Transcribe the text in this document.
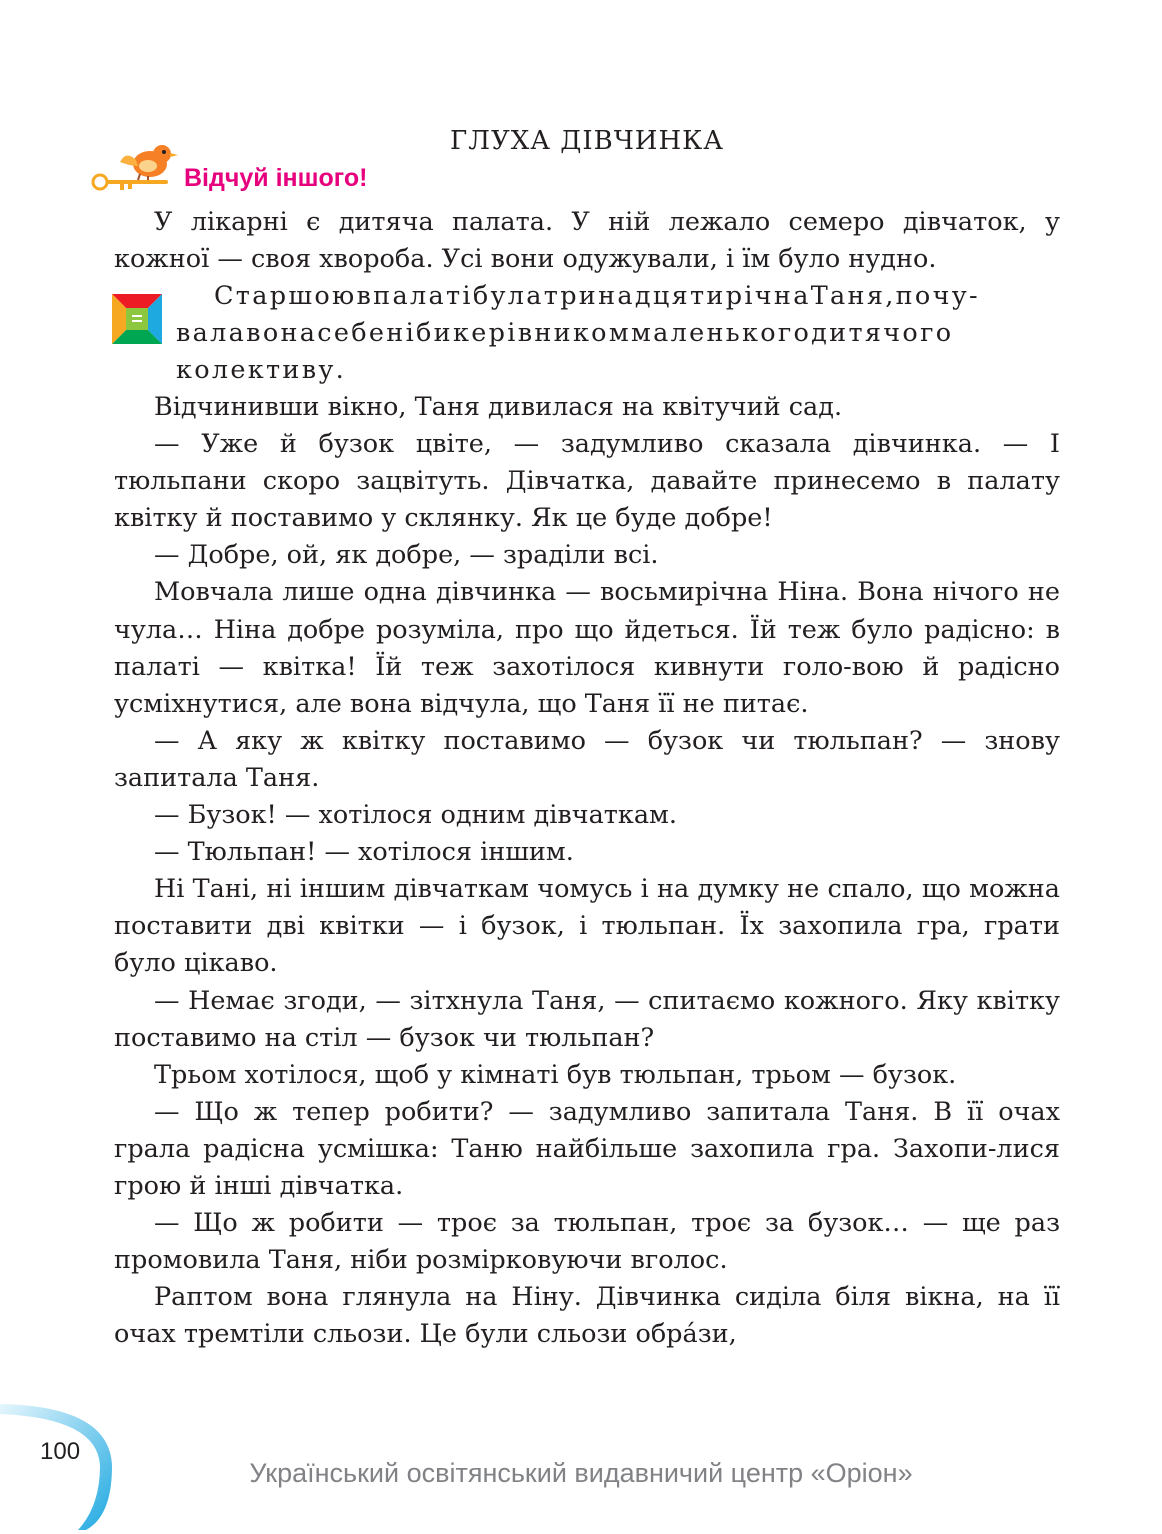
ГЛУХА ДІВЧИНКА
Відчуй іншого!

У лікарні є дитяча палата. У ній лежало семеро дівчаток, у кожної — своя хвороба. Усі вони одужували, і їм було нудно.

СтаршоювпалатібулатринадцятирічнаТаня,почу-
валавонасебенібикерівникоммаленькогодитячого
колективу.

Відчинивши вікно, Таня дивилася на квітучий сад.

— Уже й бузок цвіте, — задумливо сказала дівчинка. — І тюльпани скоро зацвітуть. Дівчатка, давайте принесемо в палату квітку й поставимо у склянку. Як це буде добре!

— Добре, ой, як добре, — зраділи всі.

Мовчала лише одна дівчинка — восьмирічна Ніна. Вона нічого не чула… Ніна добре розуміла, про що йдеться. Їй теж було радісно: в палаті — квітка! Їй теж захотілося кивнути голо-вою й радісно усміхнутися, але вона відчула, що Таня її не питає.

— А яку ж квітку поставимо — бузок чи тюльпан? — знову запитала Таня.

— Бузок! — хотілося одним дівчаткам.

— Тюльпан! — хотілося іншим.

Ні Тані, ні іншим дівчаткам чомусь і на думку не спало, що можна поставити дві квітки — і бузок, і тюльпан. Їх захопила гра, грати було цікаво.

— Немає згоди, — зітхнула Таня, — спитаємо кожного. Яку квітку поставимо на стіл — бузок чи тюльпан?

Трьом хотілося, щоб у кімнаті був тюльпан, трьом — бузок.

— Що ж тепер робити? — задумливо запитала Таня. В її очах грала радісна усмішка: Таню найбільше захопила гра. Захопи-лися грою й інші дівчатка.

— Що ж робити — троє за тюльпан, троє за бузок… — ще раз промовила Таня, ніби розмірковуючи вголос.

Раптом вона глянула на Ніну. Дівчинка сиділа біля вікна, на її очах тремтіли сльози. Це були сльози обра́зи,

100
Український освітянський видавничий центр «Оріон»
